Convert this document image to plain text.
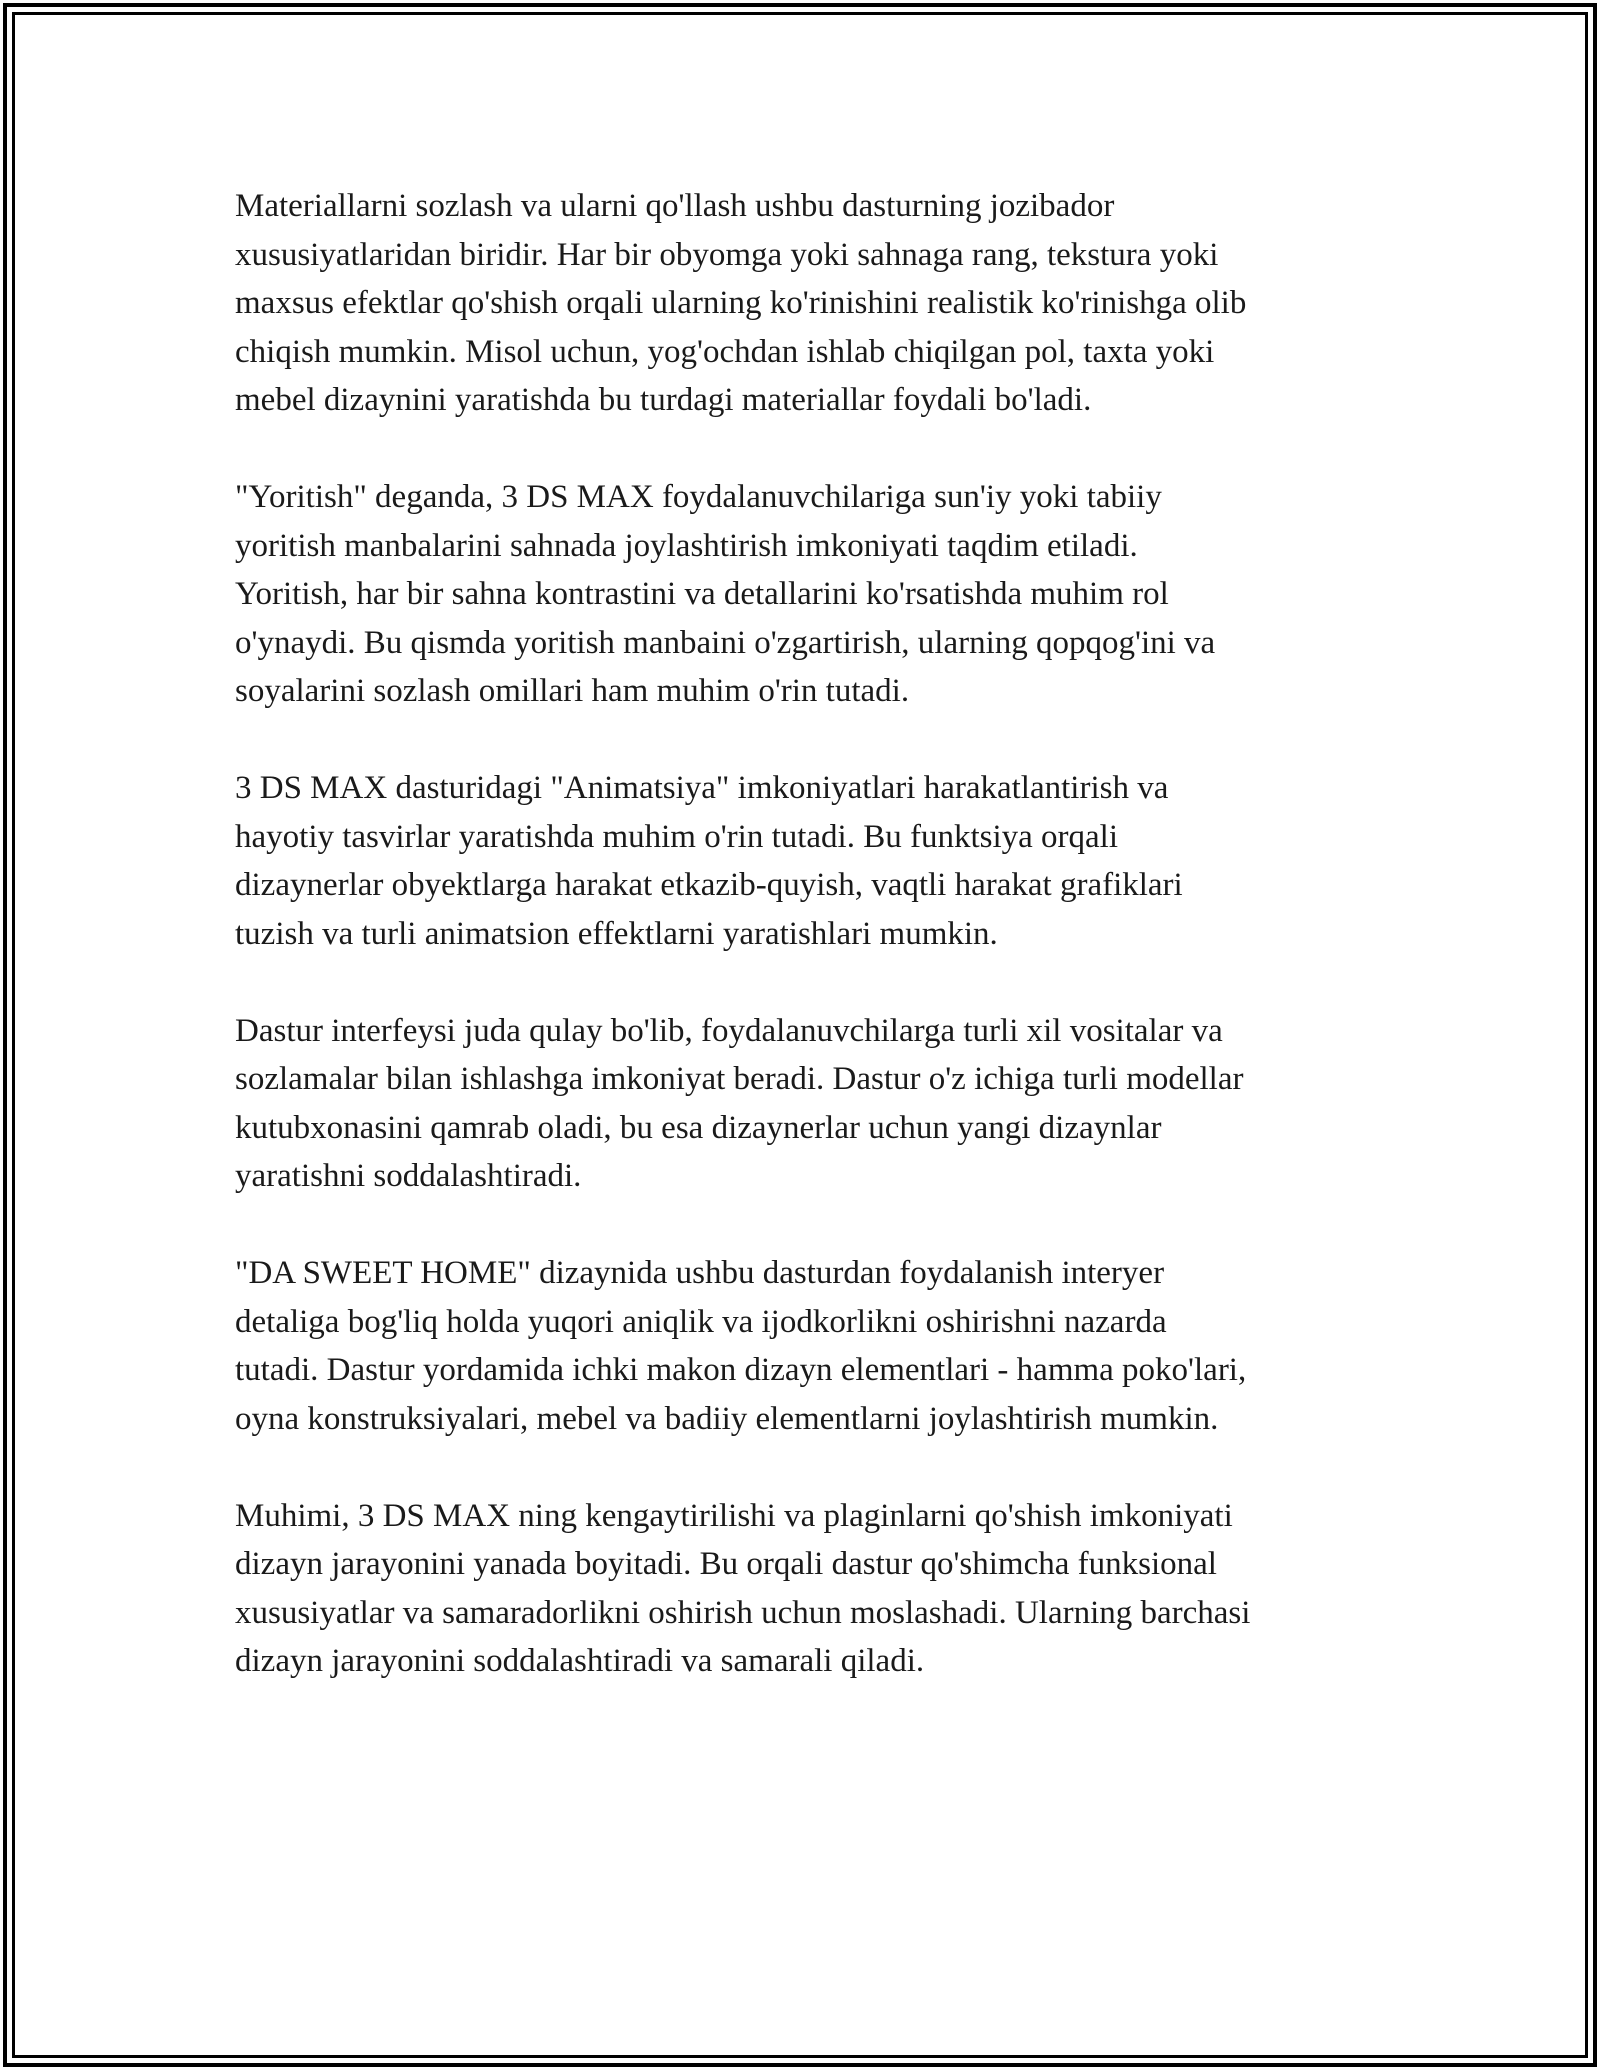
Materiallarni sozlash va ularni qo'llash ushbu dasturning jozibador
xususiyatlaridan biridir. Har bir obyomga yoki sahnaga rang, tekstura yoki
maxsus efektlar qo'shish orqali ularning ko'rinishini realistik ko'rinishga olib
chiqish mumkin. Misol uchun, yog'ochdan ishlab chiqilgan pol, taxta yoki
mebel dizaynini yaratishda bu turdagi materiallar foydali bo'ladi.

"Yoritish" deganda, 3 DS MAX foydalanuvchilariga sun'iy yoki tabiiy
yoritish manbalarini sahnada joylashtirish imkoniyati taqdim etiladi.
Yoritish, har bir sahna kontrastini va detallarini ko'rsatishda muhim rol
o'ynaydi. Bu qismda yoritish manbaini o'zgartirish, ularning qopqog'ini va
soyalarini sozlash omillari ham muhim o'rin tutadi.

3 DS MAX dasturidagi "Animatsiya" imkoniyatlari harakatlantirish va
hayotiy tasvirlar yaratishda muhim o'rin tutadi. Bu funktsiya orqali
dizaynerlar obyektlarga harakat etkazib-quyish, vaqtli harakat grafiklari
tuzish va turli animatsion effektlarni yaratishlari mumkin.

Dastur interfeysi juda qulay bo'lib, foydalanuvchilarga turli xil vositalar va
sozlamalar bilan ishlashga imkoniyat beradi. Dastur o'z ichiga turli modellar
kutubxonasini qamrab oladi, bu esa dizaynerlar uchun yangi dizaynlar
yaratishni soddalashtiradi.

"DA SWEET HOME" dizaynida ushbu dasturdan foydalanish interyer
detaliga bog'liq holda yuqori aniqlik va ijodkorlikni oshirishni nazarda
tutadi. Dastur yordamida ichki makon dizayn elementlari - hamma poko'lari,
oyna konstruksiyalari, mebel va badiiy elementlarni joylashtirish mumkin.

Muhimi, 3 DS MAX ning kengaytirilishi va plaginlarni qo'shish imkoniyati
dizayn jarayonini yanada boyitadi. Bu orqali dastur qo'shimcha funksional
xususiyatlar va samaradorlikni oshirish uchun moslashadi. Ularning barchasi
dizayn jarayonini soddalashtiradi va samarali qiladi.
